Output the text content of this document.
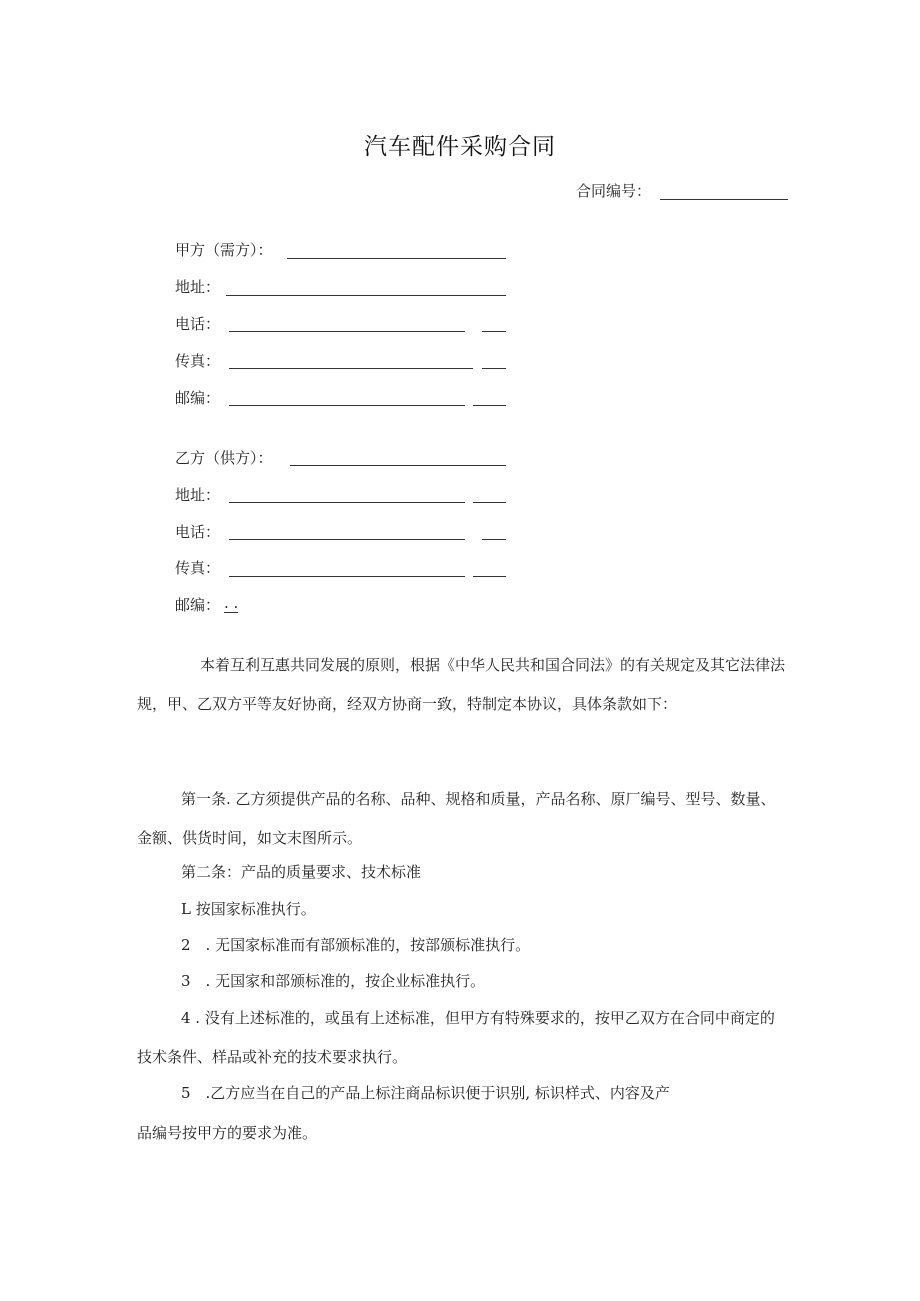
汽车配件采购合同
合同编号：
甲方（需方）：
地址：
电话：
传真：
邮编：
乙方（供方）：
地址：
电话：
传真：
邮编： . .
本着互利互惠共同发展的原则，根据《中华人民共和国合同法》的有关规定及其它法律法规，甲、乙双方平等友好协商，经双方协商一致，特制定本协议，具体条款如下：
第一条. 乙方须提供产品的名称、品种、规格和质量，产品名称、原厂编号、型号、数量、金额、供货时间，如文末图所示。
第二条：产品的质量要求、技术标准
L 按国家标准执行。
2　. 无国家标准而有部颁标准的，按部颁标准执行。
3　. 无国家和部颁标准的，按企业标准执行。
4 . 没有上述标准的，或虽有上述标准，但甲方有特殊要求的，按甲乙双方在合同中商定的技术条件、样品或补充的技术要求执行。
5　.乙方应当在自己的产品上标注商品标识便于识别, 标识样式、内容及产
品编号按甲方的要求为准。
